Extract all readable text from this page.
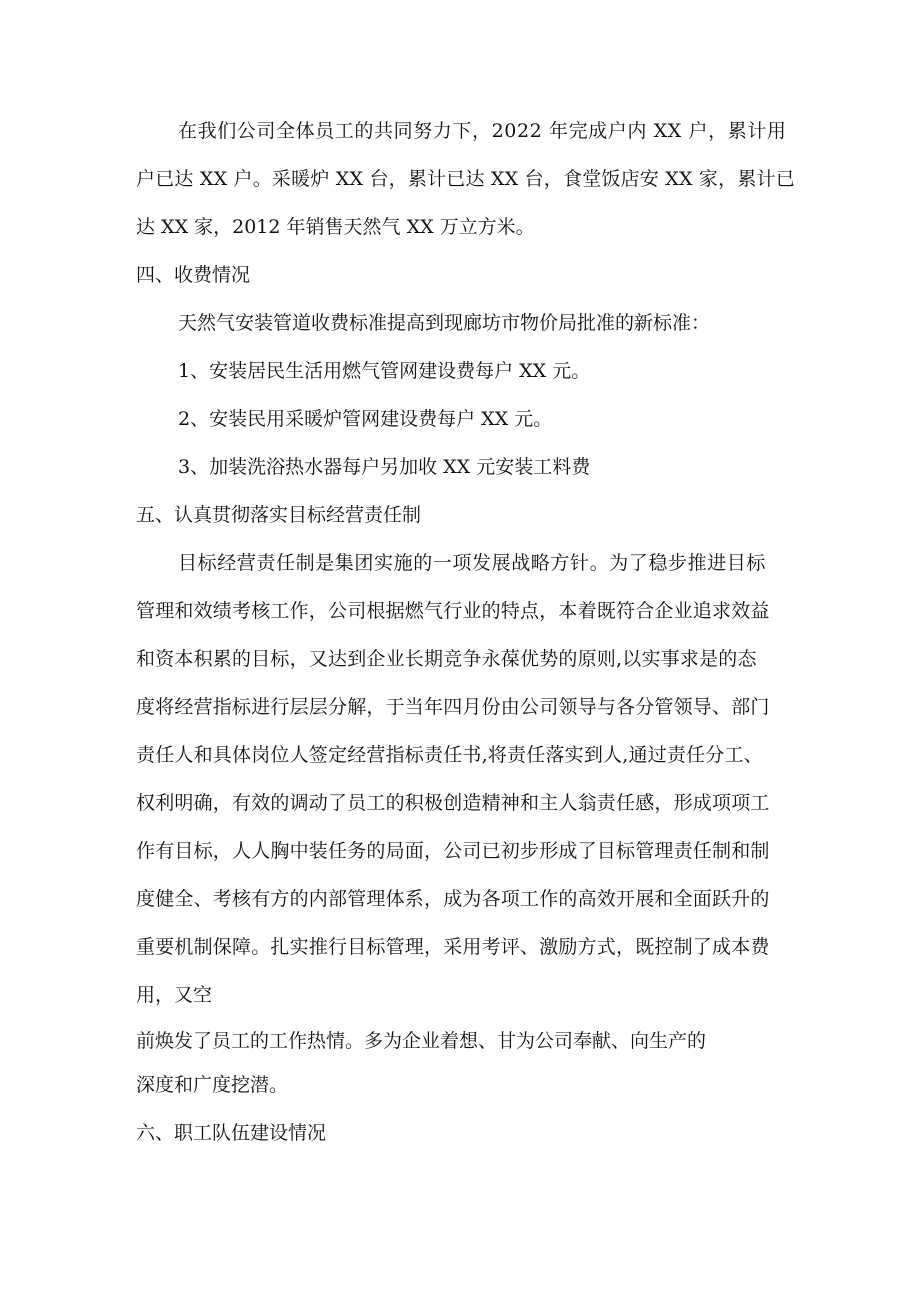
在我们公司全体员工的共同努力下，2022 年完成户内 XX 户，累计用
户已达 XX 户。采暖炉 XX 台，累计已达 XX 台，食堂饭店安 XX 家，累计已
达 XX 家，2012 年销售天然气 XX 万立方米。
四、收费情况
天然气安装管道收费标准提高到现廊坊市物价局批准的新标准：
1、安装居民生活用燃气管网建设费每户 XX 元。
2、安装民用采暖炉管网建设费每户 XX 元。
3、加装洗浴热水器每户另加收 XX 元安装工料费
五、认真贯彻落实目标经营责任制
目标经营责任制是集团实施的一项发展战略方针。为了稳步推进目标
管理和效绩考核工作，公司根据燃气行业的特点，本着既符合企业追求效益
和资本积累的目标，又达到企业长期竞争永葆优势的原则,以实事求是的态
度将经营指标进行层层分解，于当年四月份由公司领导与各分管领导、部门
责任人和具体岗位人签定经营指标责任书,将责任落实到人,通过责任分工、
权利明确，有效的调动了员工的积极创造精神和主人翁责任感，形成项项工
作有目标，人人胸中装任务的局面，公司已初步形成了目标管理责任制和制
度健全、考核有方的内部管理体系，成为各项工作的高效开展和全面跃升的
重要机制保障。扎实推行目标管理，采用考评、激励方式，既控制了成本费
用，又空
前焕发了员工的工作热情。多为企业着想、甘为公司奉献、向生产的
深度和广度挖潜。
六、职工队伍建设情况
